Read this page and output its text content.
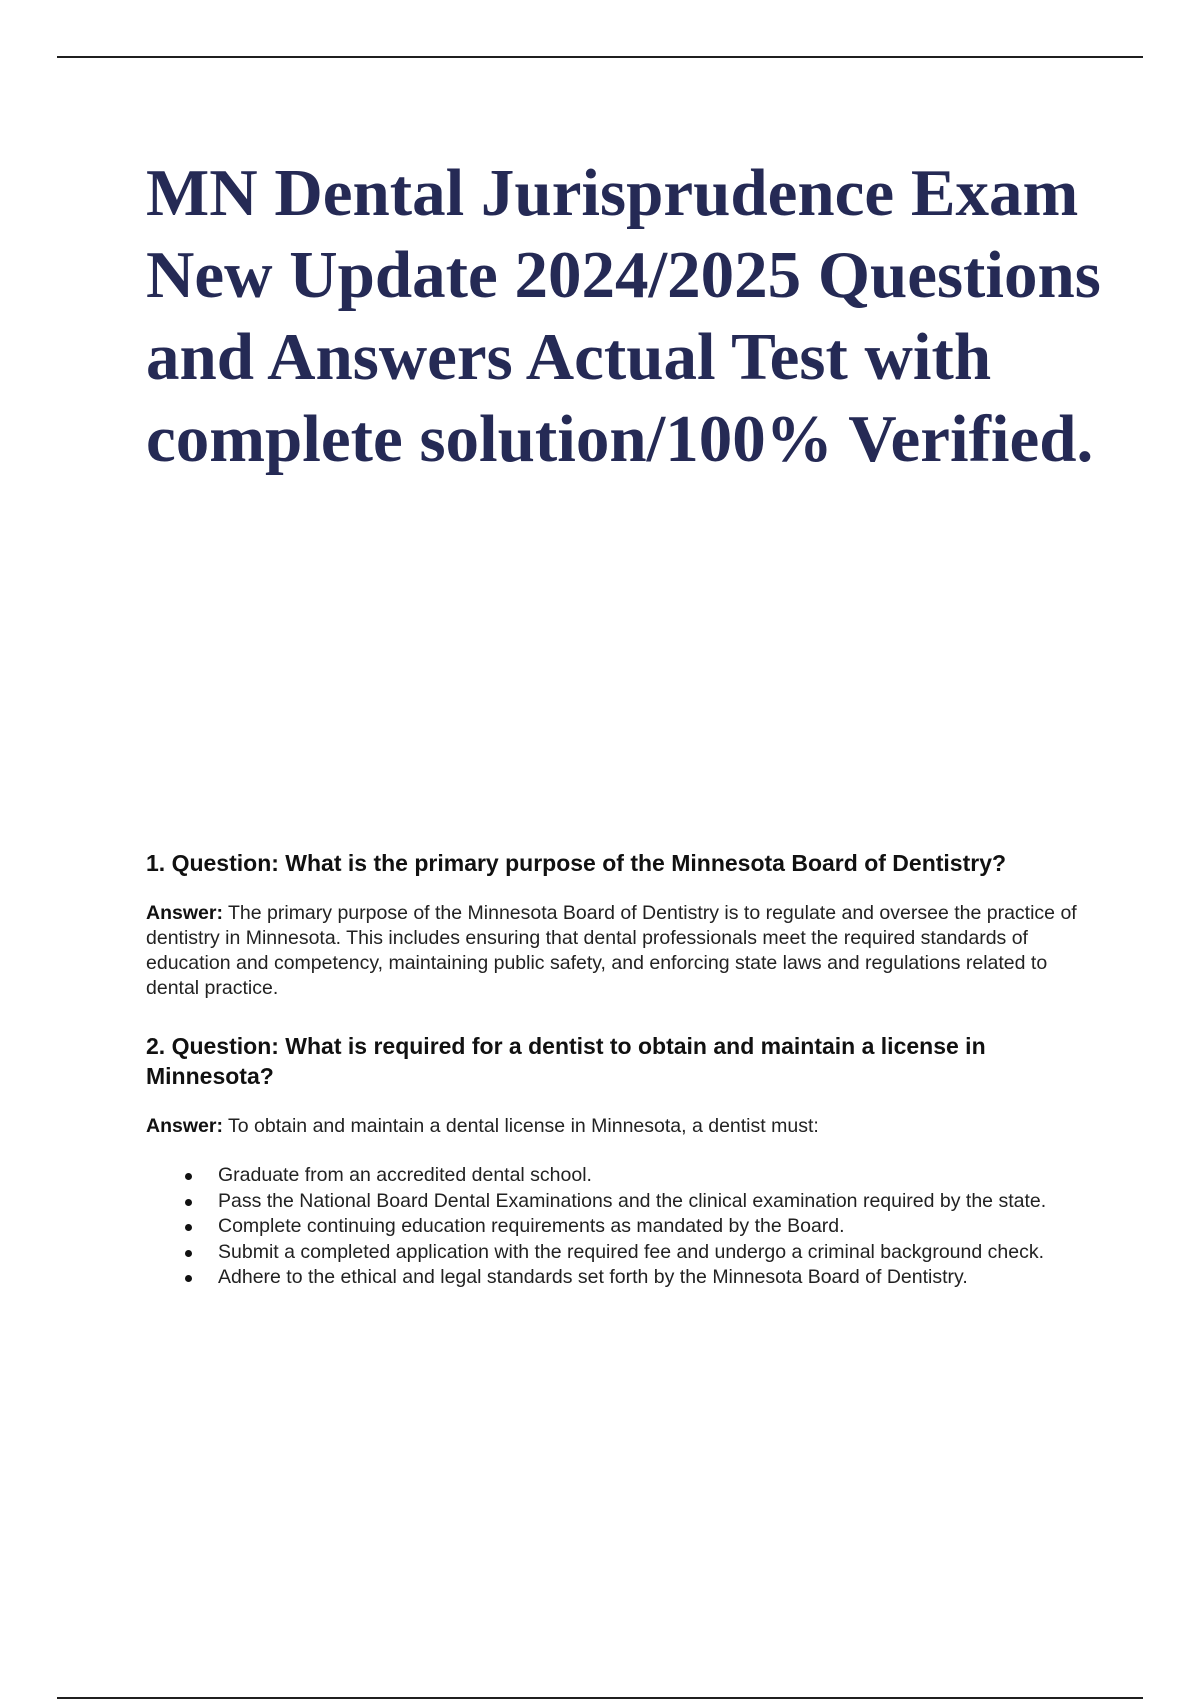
MN Dental Jurisprudence Exam New Update 2024/2025 Questions and Answers Actual Test with complete solution/100% Verified.

1. Question: What is the primary purpose of the Minnesota Board of Dentistry?

Answer: The primary purpose of the Minnesota Board of Dentistry is to regulate and oversee the practice of dentistry in Minnesota. This includes ensuring that dental professionals meet the required standards of education and competency, maintaining public safety, and enforcing state laws and regulations related to dental practice.

2. Question: What is required for a dentist to obtain and maintain a license in Minnesota?

Answer: To obtain and maintain a dental license in Minnesota, a dentist must:

Graduate from an accredited dental school.
Pass the National Board Dental Examinations and the clinical examination required by the state.
Complete continuing education requirements as mandated by the Board.
Submit a completed application with the required fee and undergo a criminal background check.
Adhere to the ethical and legal standards set forth by the Minnesota Board of Dentistry.
